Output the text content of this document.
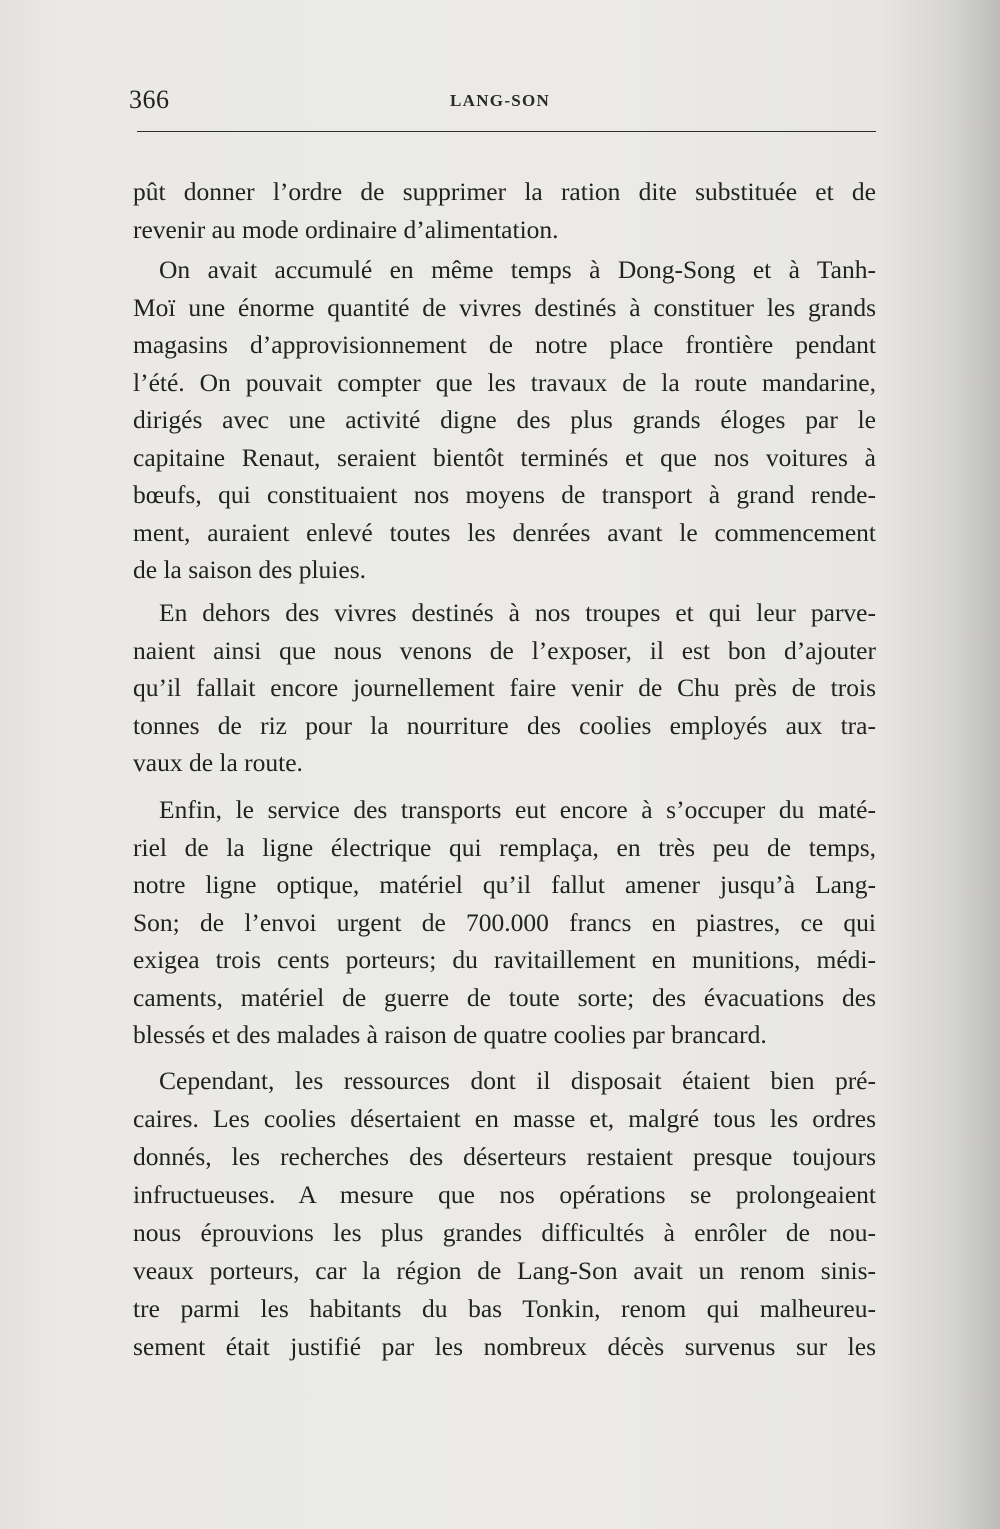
366	LANG-SON
pût donner l’ordre de supprimer la ration dite substituée et de
revenir au mode ordinaire d’alimentation.
On avait accumulé en même temps à Dong-Song et à Tanh-
Moï une énorme quantité de vivres destinés à constituer les grands
magasins d’approvisionnement de notre place frontière pendant
l’été. On pouvait compter que les travaux de la route mandarine,
dirigés avec une activité digne des plus grands éloges par le
capitaine Renaut, seraient bientôt terminés et que nos voitures à
bœufs, qui constituaient nos moyens de transport à grand rende-
ment, auraient enlevé toutes les denrées avant le commencement
de la saison des pluies.
En dehors des vivres destinés à nos troupes et qui leur parve-
naient ainsi que nous venons de l’exposer, il est bon d’ajouter
qu’il fallait encore journellement faire venir de Chu près de trois
tonnes de riz pour la nourriture des coolies employés aux tra-
vaux de la route.
Enfin, le service des transports eut encore à s’occuper du maté-
riel de la ligne électrique qui remplaça, en très peu de temps,
notre ligne optique, matériel qu’il fallut amener jusqu’à Lang-
Son; de l’envoi urgent de 700.000 francs en piastres, ce qui
exigea trois cents porteurs; du ravitaillement en munitions, médi-
caments, matériel de guerre de toute sorte; des évacuations des
blessés et des malades à raison de quatre coolies par brancard.
Cependant, les ressources dont il disposait étaient bien pré-
caires. Les coolies désertaient en masse et, malgré tous les ordres
donnés, les recherches des déserteurs restaient presque toujours
infructueuses. A mesure que nos opérations se prolongeaient
nous éprouvions les plus grandes difficultés à enrôler de nou-
veaux porteurs, car la région de Lang-Son avait un renom sinis-
tre parmi les habitants du bas Tonkin, renom qui malheureu-
sement était justifié par les nombreux décès survenus sur les
